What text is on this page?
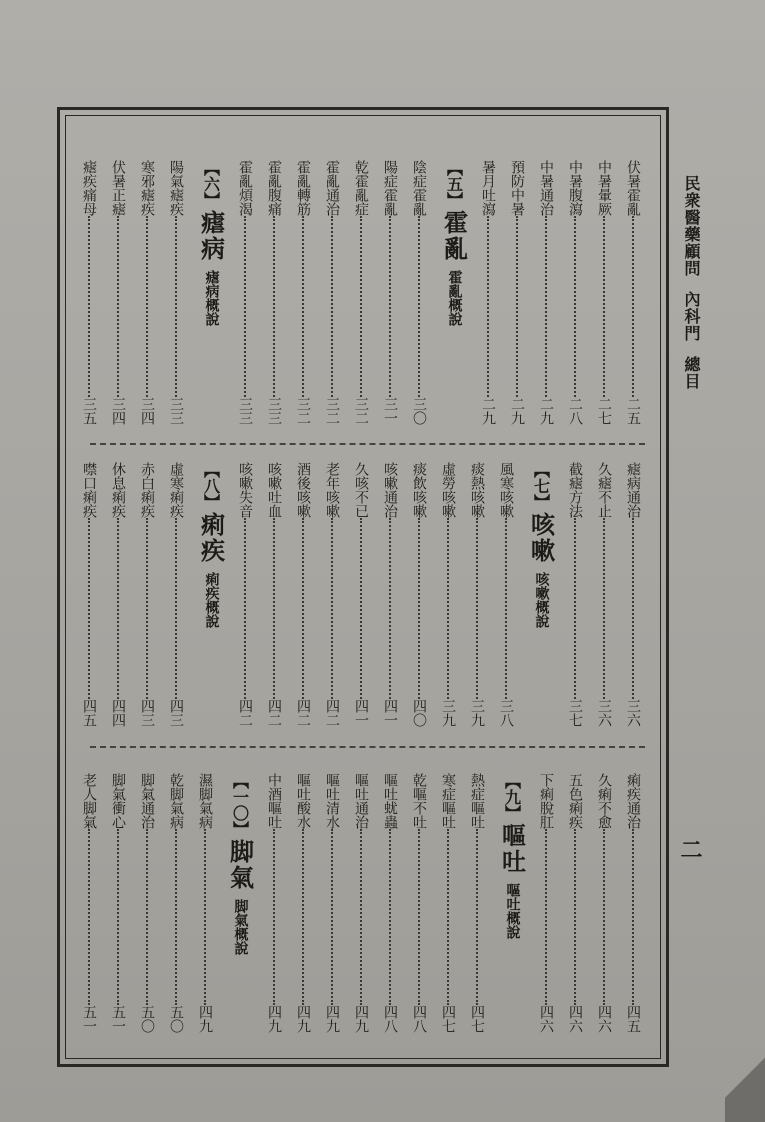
民衆醫藥顧問內科門總目
二
伏暑霍亂
二五
中暑暈厥
二七
中暑腹瀉
二八
中暑通治
二九
預防中暑
二九
暑月吐瀉
二九
【五】
霍亂
霍亂概說
陰症霍亂
三〇
陽症霍亂
三一
乾霍亂症
三二
霍亂通治
三二
霍亂轉筋
三二
霍亂腹痛
三三
霍亂煩渴
三三
【六】
瘧病
瘧病概說
陽氣瘧疾
三三
寒邪瘧疾
三四
伏暑正瘧
三四
瘧疾痛母
三五
瘧病通治
三六
久瘧不止
三六
截瘧方法
三七
【七】
咳嗽
咳嗽概說
風寒咳嗽
三八
痰熱咳嗽
三九
虛勞咳嗽
三九
痰飲咳嗽
四〇
咳嗽通治
四一
久咳不已
四一
老年咳嗽
四二
酒後咳嗽
四二
咳嗽吐血
四二
咳嗽失音
四二
【八】
痢疾
痢疾概說
虛寒痢疾
四三
赤白痢疾
四三
休息痢疾
四四
噤口痢疾
四五
痢疾通治
四五
久痢不愈
四六
五色痢疾
四六
下痢脫肛
四六
【九】
嘔吐
嘔吐概說
熱症嘔吐
四七
寒症嘔吐
四七
乾嘔不吐
四八
嘔吐蚘蟲
四八
嘔吐通治
四九
嘔吐清水
四九
嘔吐酸水
四九
中酒嘔吐
四九
【一〇】
脚氣
脚氣概說
濕脚氣病
四九
乾脚氣病
五〇
脚氣通治
五〇
脚氣衝心
五一
老人脚氣
五一
